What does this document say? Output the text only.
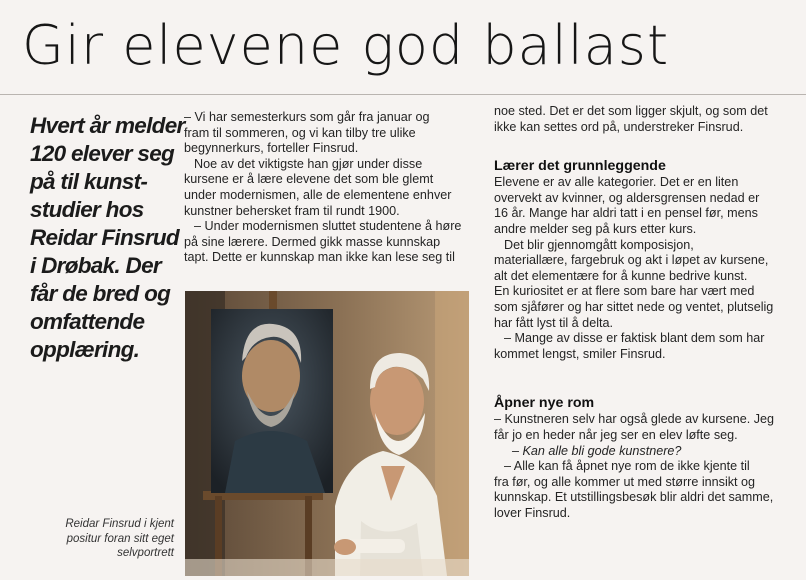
Gir elevene god ballast
Hvert år melder
120 elever seg
på til kunst-
studier hos
Reidar Finsrud
i Drøbak. Der
får de bred og
omfattende
opplæring.
– Vi har semesterkurs som går fra januar og
fram til sommeren, og vi kan tilby tre ulike
begynnerkurs, forteller Finsrud.
Noe av det viktigste han gjør under disse
kursene er å lære elevene det som ble glemt
under modernismen, alle de elementene enhver
kunstner behersket fram til rundt 1900.
– Under modernismen sluttet studentene å høre
på sine lærere. Dermed gikk masse kunnskap
tapt. Dette er kunnskap man ikke kan lese seg til
Reidar Finsrud i kjent
positur foran sitt eget
selvportrett
noe sted. Det er det som ligger skjult, og som det
ikke kan settes ord på, understreker Finsrud.
Lærer det grunnleggende
Elevene er av alle kategorier. Det er en liten
overvekt av kvinner, og aldersgrensen nedad er
16 år. Mange har aldri tatt i en pensel før, mens
andre melder seg på kurs etter kurs.
Det blir gjennomgått komposisjon,
materiallære, fargebruk og akt i løpet av kursene,
alt det elementære for å kunne bedrive kunst.
En kuriositet er at flere som bare har vært med
som sjåfører og har sittet nede og ventet, plutselig
har fått lyst til å delta.
– Mange av disse er faktisk blant dem som har
kommet lengst, smiler Finsrud.
Åpner nye rom
– Kunstneren selv har også glede av kursene. Jeg
får jo en heder når jeg ser en elev løfte seg.
– Kan alle bli gode kunstnere?
– Alle kan få åpnet nye rom de ikke kjente til
fra før, og alle kommer ut med større innsikt og
kunnskap. Et utstillingsbesøk blir aldri det samme,
lover Finsrud.
